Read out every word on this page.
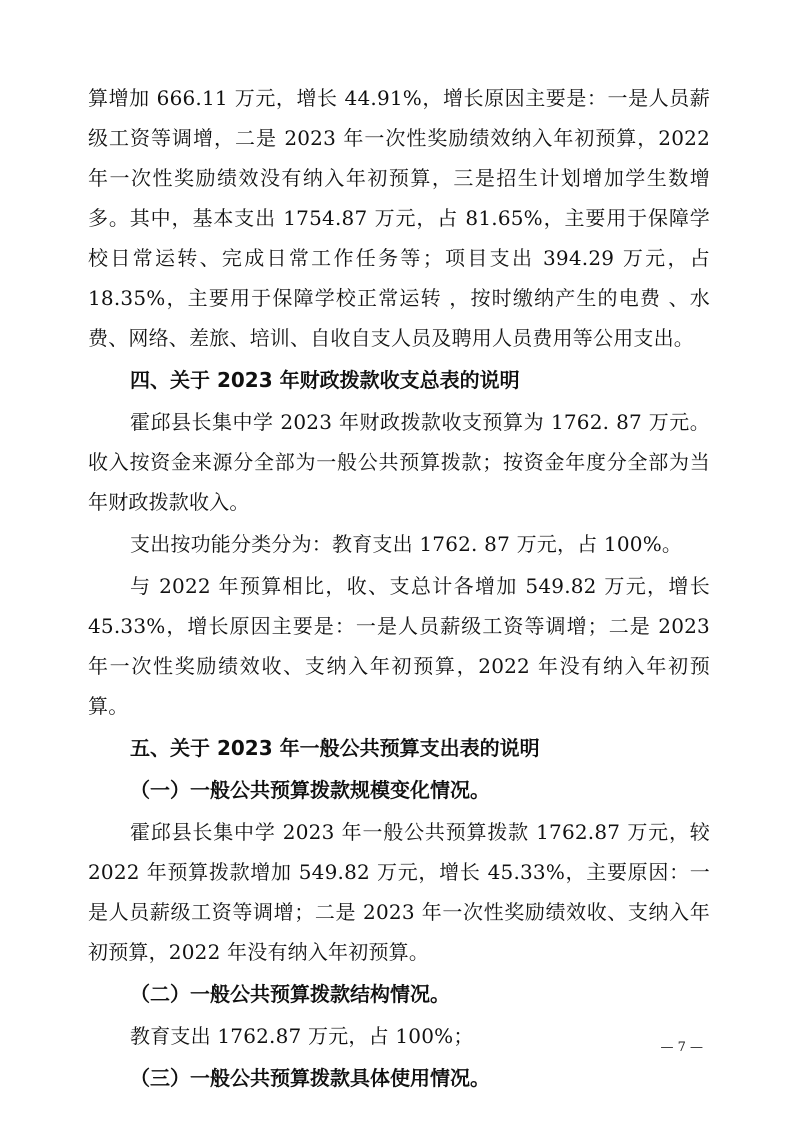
算增加 666.11 万元，增长 44.91%，增长原因主要是：一是人员薪级工资等调增，二是 2023 年一次性奖励绩效纳入年初预算，2022 年一次性奖励绩效没有纳入年初预算，三是招生计划增加学生数增多。其中，基本支出 1754.87 万元，占 81.65%，主要用于保障学校日常运转、完成日常工作任务等；项目支出 394.29 万元，占 18.35%，主要用于保障学校正常运转 ，按时缴纳产生的电费 、水费、网络、差旅、培训、自收自支人员及聘用人员费用等公用支出。

四、关于 2023 年财政拨款收支总表的说明

霍邱县长集中学 2023 年财政拨款收支预算为 1762. 87 万元。收入按资金来源分全部为一般公共预算拨款；按资金年度分全部为当年财政拨款收入。

支出按功能分类分为：教育支出 1762. 87 万元，占 100%。

与 2022 年预算相比，收、支总计各增加 549.82 万元，增长 45.33%，增长原因主要是：一是人员薪级工资等调增；二是 2023 年一次性奖励绩效收、支纳入年初预算，2022 年没有纳入年初预算。

五、关于 2023 年一般公共预算支出表的说明

（一）一般公共预算拨款规模变化情况。

霍邱县长集中学 2023 年一般公共预算拨款 1762.87 万元，较 2022 年预算拨款增加 549.82 万元，增长 45.33%，主要原因：一是人员薪级工资等调增；二是 2023 年一次性奖励绩效收、支纳入年初预算，2022 年没有纳入年初预算。

（二）一般公共预算拨款结构情况。

教育支出 1762.87 万元，占 100%；

（三）一般公共预算拨款具体使用情况。

— 7 —
